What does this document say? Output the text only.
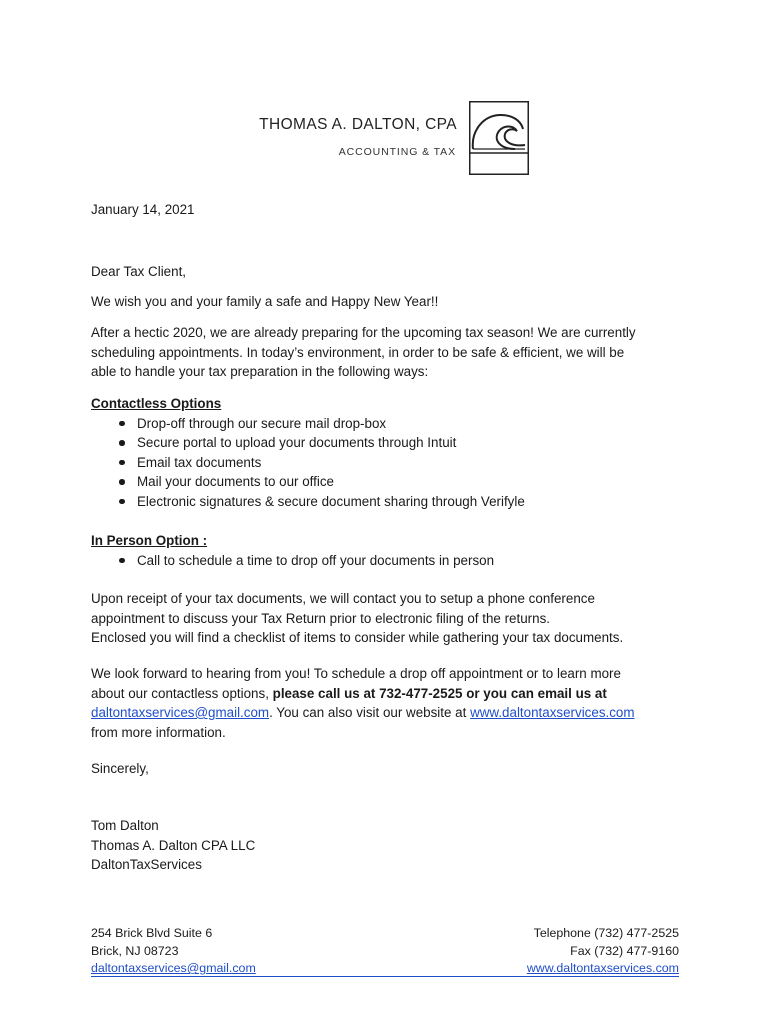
THOMAS A. DALTON, CPA
ACCOUNTING & TAX
January 14, 2021
Dear Tax Client,
We wish you and your family a safe and Happy New Year!!
After a hectic 2020, we are already preparing for the upcoming tax season! We are currently
scheduling appointments. In today’s environment, in order to be safe & efficient, we will be
able to handle your tax preparation in the following ways:
Contactless Options
Drop-off through our secure mail drop-box
Secure portal to upload your documents through Intuit
Email tax documents
Mail your documents to our office
Electronic signatures & secure document sharing through Verifyle
In Person Option :
Call to schedule a time to drop off your documents in person
Upon receipt of your tax documents, we will contact you to setup a phone conference
appointment to discuss your Tax Return prior to electronic filing of the returns.
Enclosed you will find a checklist of items to consider while gathering your tax documents.
We look forward to hearing from you! To schedule a drop off appointment or to learn more
about our contactless options, please call us at 732-477-2525 or you can email us at
daltontaxservices@gmail.com. You can also visit our website at www.daltontaxservices.com
from more information.
Sincerely,
Tom Dalton
Thomas A. Dalton CPA LLC
DaltonTaxServices
254 Brick Blvd Suite 6
Brick, NJ 08723
daltontaxservices@gmail.com
Telephone (732) 477-2525
Fax (732) 477-9160
www.daltontaxservices.com
